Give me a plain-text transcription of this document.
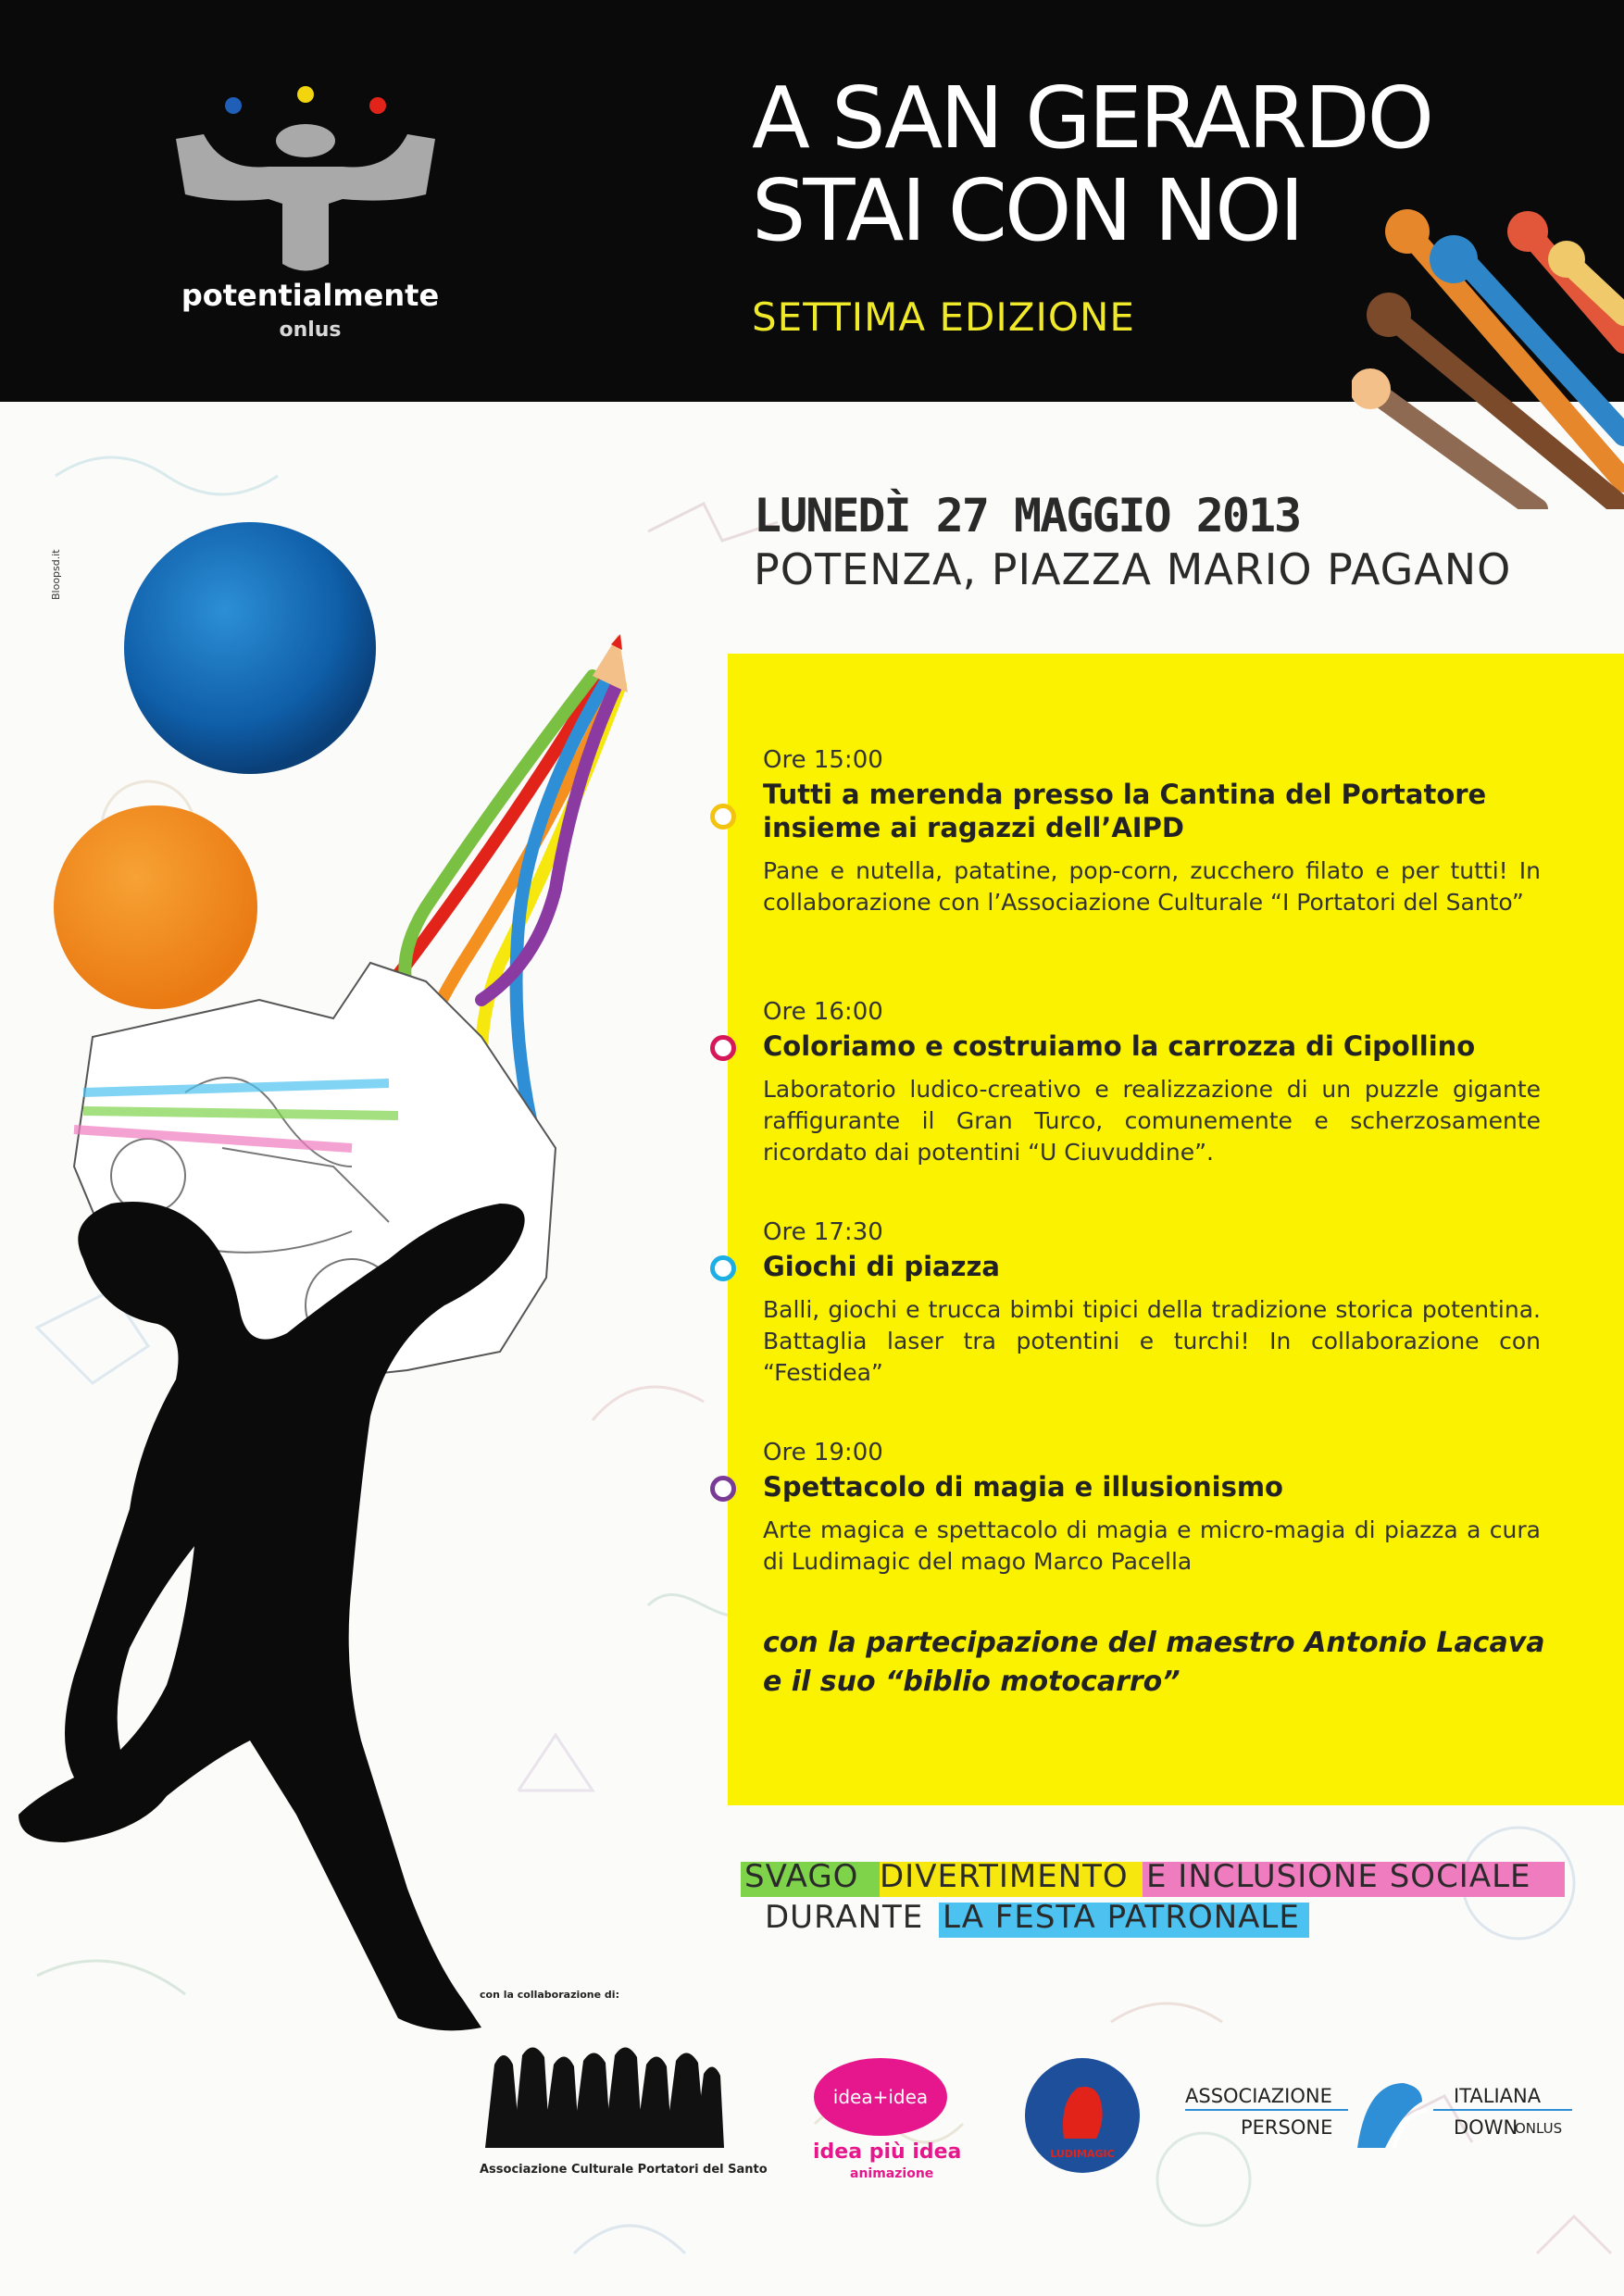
potentialmente
onlus
A SAN GERARDO
STAI CON NOI
SETTIMA EDIZIONE
Bloopsd.it
LUNEDÌ 27 MAGGIO 2013
POTENZA, PIAZZA MARIO PAGANO
Ore 15:00
Tutti a merenda presso la Cantina del Portatore insieme ai ragazzi dell’AIPD
Pane e nutella, patatine, pop-corn, zucchero filato e per tutti! In collaborazione con l’Associazione Culturale “I Portatori del Santo”
Ore 16:00
Coloriamo e costruiamo la carrozza di Cipollino
Laboratorio ludico-creativo e realizzazione di un puzzle gigante raffigurante il Gran Turco, comunemente e scherzosamente ricordato dai potentini “U Ciuvuddine”.
Ore 17:30
Giochi di piazza
Balli, giochi e trucca bimbi tipici della tradizione storica potentina. Battaglia laser tra potentini e turchi! In collaborazione con “Festidea”
Ore 19:00
Spettacolo di magia e illusionismo
Arte magica e spettacolo di magia e micro-magia di piazza a cura di Ludimagic del mago Marco Pacella
con la partecipazione del maestro Antonio Lacava
e il suo “biblio motocarro”
SVAGO DIVERTIMENTO E INCLUSIONE SOCIALE
DURANTE LA FESTA PATRONALE
con la collaborazione di:
Associazione Culturale Portatori del Santo
idea+idea
idea più idea
animazione
LUDIMAGIC
ASSOCIAZIONE
PERSONE
ITALIANA
DOWN
ONLUS
